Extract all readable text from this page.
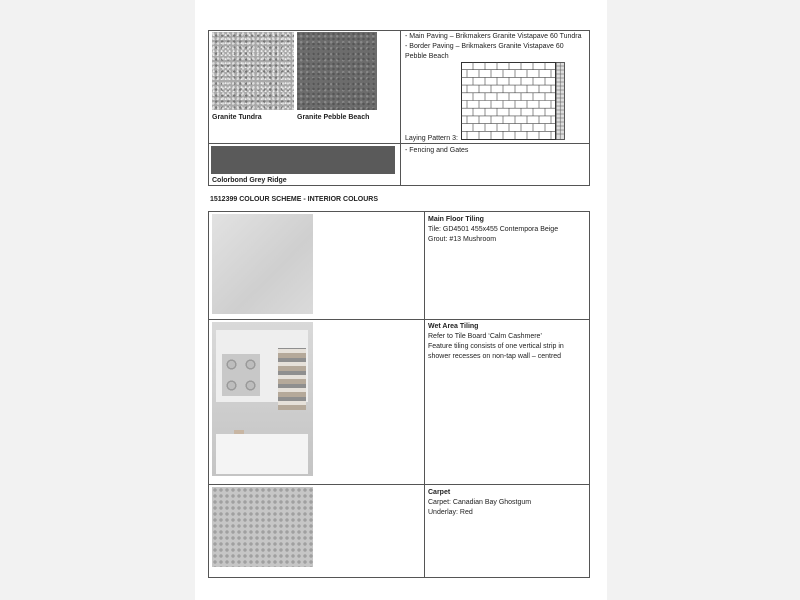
Granite Tundra	Granite Pebble Beach
- Main Paving – Brikmakers Granite Vistapave 60 Tundra
- Border Paving – Brikmakers Granite Vistapave 60
Pebble Beach
Laying Pattern 3:
Colorbond Grey Ridge
- Fencing and Gates
1512399 COLOUR SCHEME - INTERIOR COLOURS
Main Floor Tiling
Tile: GD4501 455x455 Contempora Beige
Grout: #13 Mushroom
Wet Area Tiling
Refer to Tile Board ‘Calm Cashmere’
Feature tiling consists of one vertical strip in
shower recesses on non-tap wall – centred
Carpet
Carpet: Canadian Bay Ghostgum
Underlay: Red
